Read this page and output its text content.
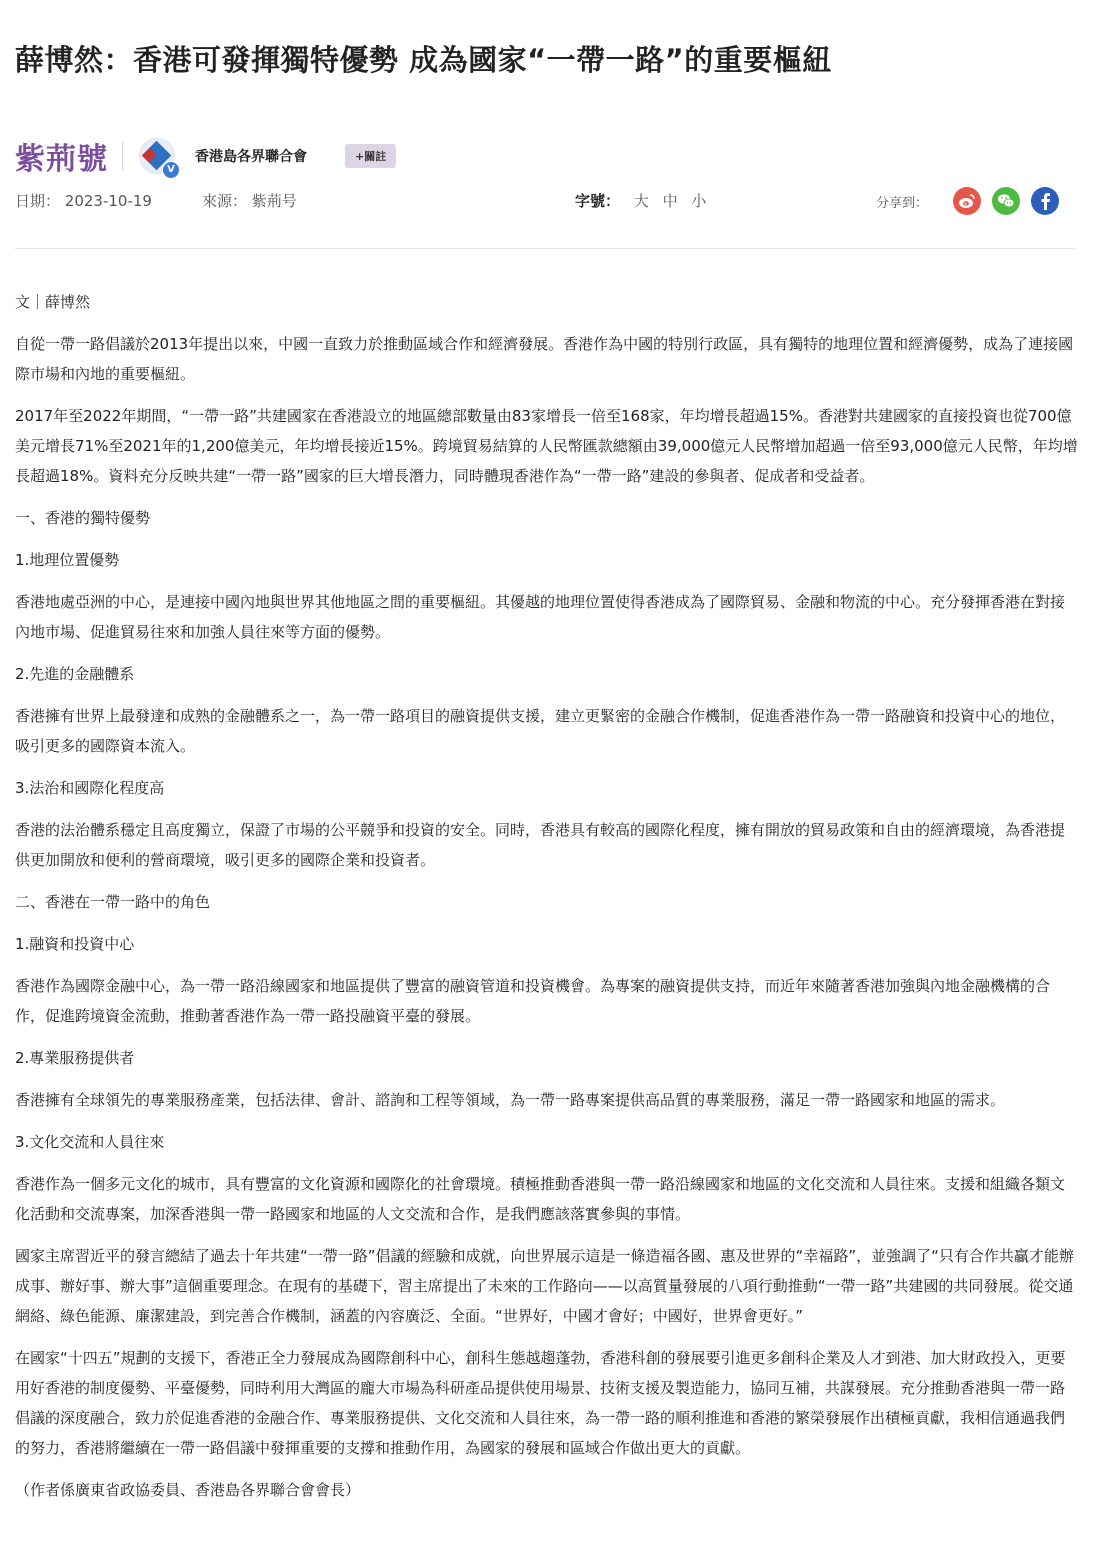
薛博然：香港可發揮獨特優勢 成為國家“一帶一路”的重要樞紐
紫荊號	V
香港島各界聯合會	+關註
日期： 2023-10-19	來源： 紫荊号	字號： 大 中 小	分享到：

文｜薛博然

自從一帶一路倡議於2013年提出以來，中國一直致力於推動區域合作和經濟發展。香港作為中國的特別行政區，具有獨特的地理位置和經濟優勢，成為了連接國際市場和內地的重要樞紐。

2017年至2022年期間，“一帶一路”共建國家在香港設立的地區總部數量由83家增長一倍至168家，年均增長超過15%。香港對共建國家的直接投資也從700億美元增長71%至2021年的1,200億美元，年均增長接近15%。跨境貿易結算的人民幣匯款總額由39,000億元人民幣增加超過一倍至93,000億元人民幣，年均增長超過18%。資料充分反映共建“一帶一路”國家的巨大增長潛力，同時體現香港作為“一帶一路”建設的參與者、促成者和受益者。

一、香港的獨特優勢

1.地理位置優勢

香港地處亞洲的中心，是連接中國內地與世界其他地區之間的重要樞紐。其優越的地理位置使得香港成為了國際貿易、金融和物流的中心。充分發揮香港在對接內地市場、促進貿易往來和加強人員往來等方面的優勢。

2.先進的金融體系

香港擁有世界上最發達和成熟的金融體系之一，為一帶一路項目的融資提供支援，建立更緊密的金融合作機制，促進香港作為一帶一路融資和投資中心的地位，吸引更多的國際資本流入。

3.法治和國際化程度高

香港的法治體系穩定且高度獨立，保證了市場的公平競爭和投資的安全。同時，香港具有較高的國際化程度，擁有開放的貿易政策和自由的經濟環境，為香港提供更加開放和便利的營商環境，吸引更多的國際企業和投資者。

二、香港在一帶一路中的角色

1.融資和投資中心

香港作為國際金融中心，為一帶一路沿線國家和地區提供了豐富的融資管道和投資機會。為專案的融資提供支持，而近年來隨著香港加強與內地金融機構的合作，促進跨境資金流動，推動著香港作為一帶一路投融資平臺的發展。

2.專業服務提供者

香港擁有全球領先的專業服務產業，包括法律、會計、諮詢和工程等領域，為一帶一路專案提供高品質的專業服務，滿足一帶一路國家和地區的需求。

3.文化交流和人員往來

香港作為一個多元文化的城市，具有豐富的文化資源和國際化的社會環境。積極推動香港與一帶一路沿線國家和地區的文化交流和人員往來。支援和組織各類文化活動和交流專案，加深香港與一帶一路國家和地區的人文交流和合作，是我們應該落實參與的事情。

國家主席習近平的發言總結了過去十年共建“一帶一路”倡議的經驗和成就，向世界展示這是一條造福各國、惠及世界的“幸福路”，並強調了“只有合作共贏才能辦成事、辦好事、辦大事”這個重要理念。在現有的基礎下，習主席提出了未來的工作路向——以高質量發展的八項行動推動“一帶一路”共建國的共同發展。從交通網絡、綠色能源、廉潔建設，到完善合作機制，涵蓋的內容廣泛、全面。“世界好，中國才會好；中國好，世界會更好。”

在國家“十四五”規劃的支援下，香港正全力發展成為國際創科中心，創科生態越趨蓬勃，香港科創的發展要引進更多創科企業及人才到港、加大財政投入，更要用好香港的制度優勢、平臺優勢，同時利用大灣區的龐大市場為科研產品提供使用場景、技術支援及製造能力，協同互補，共謀發展。充分推動香港與一帶一路倡議的深度融合，致力於促進香港的金融合作、專業服務提供、文化交流和人員往來，為一帶一路的順利推進和香港的繁榮發展作出積極貢獻，我相信通過我們的努力，香港將繼續在一帶一路倡議中發揮重要的支撐和推動作用，為國家的發展和區域合作做出更大的貢獻。

（作者係廣東省政協委員、香港島各界聯合會會長）
